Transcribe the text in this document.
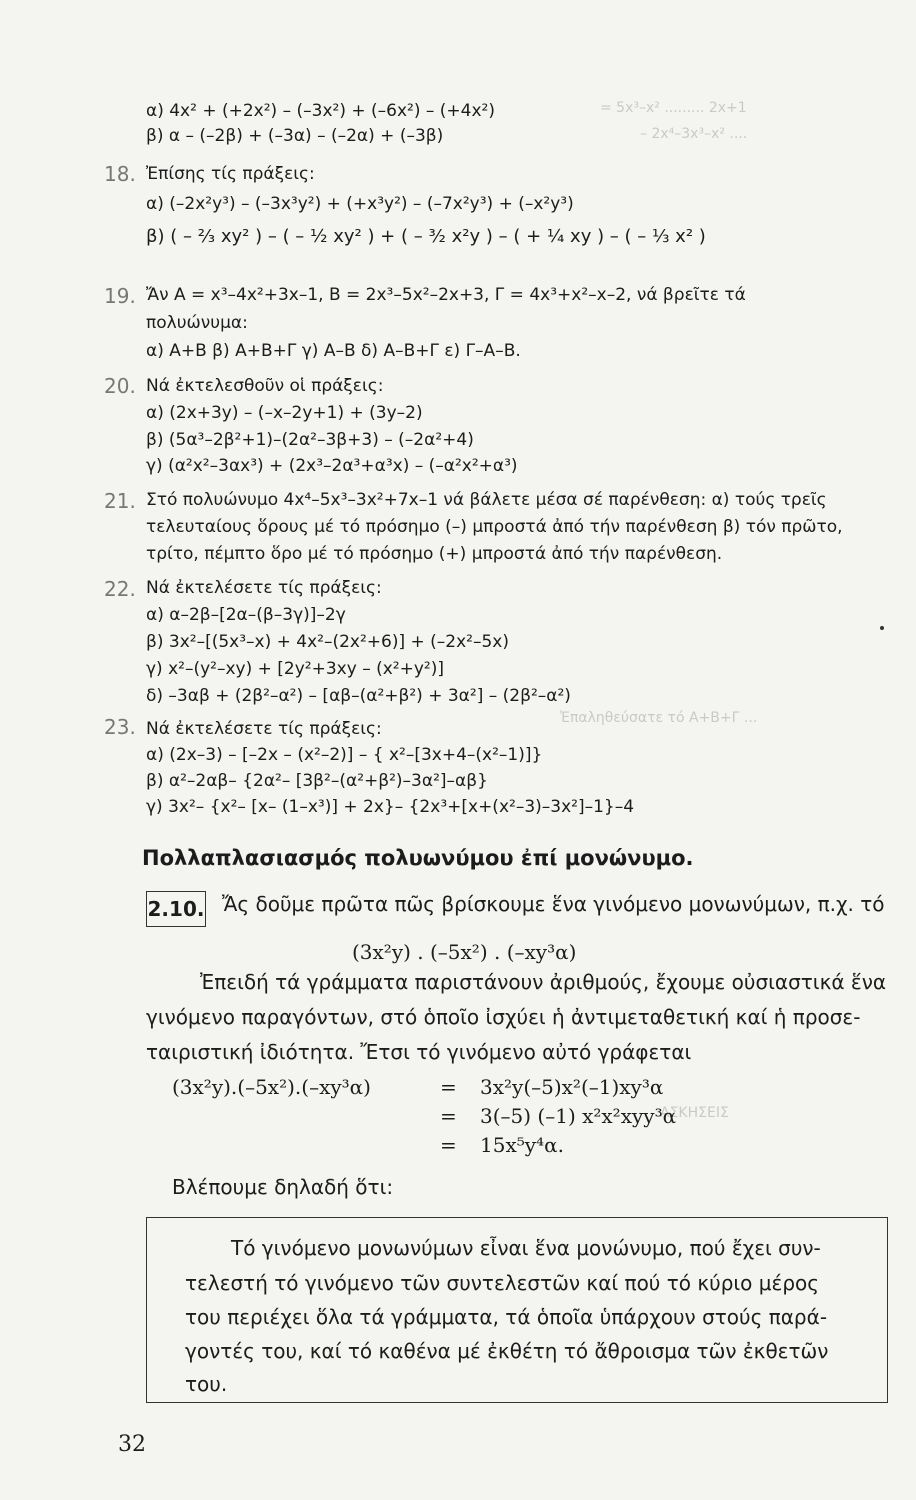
= 5x³–x² ......... 2x+1
– 2x⁴–3x³–x² ....
Ἐπαληθεύσατε τό A+B+Γ ...
ΑΣΚΗΣΕΙΣ
α) 4x² + (+2x²) – (–3x²) + (–6x²) – (+4x²)
β) α – (–2β) + (–3α) – (–2α) + (–3β)
18. Ἐπίσης τίς πράξεις:
α) (–2x²y³) – (–3x³y²) + (+x³y²) – (–7x²y³) + (–x²y³)
β) ( – ²⁄₃ xy² ) – ( – ½ xy² ) + ( – ³⁄₂ x²y ) – ( + ¼ xy ) – ( – ⅓ x² )
19. Ἄν A = x³–4x²+3x–1, B = 2x³–5x²–2x+3, Γ = 4x³+x²–x–2, νά βρεῖτε τά
πολυώνυμα:
α) A+B β) A+B+Γ γ) A–B δ) A–B+Γ ε) Γ–A–B.
20. Νά ἐκτελεσθοῦν οἱ πράξεις:
α) (2x+3y) – (–x–2y+1) + (3y–2)
β) (5α³–2β²+1)–(2α²–3β+3) – (–2α²+4)
γ) (α²x²–3αx³) + (2x³–2α³+α³x) – (–α²x²+α³)
21. Στό πολυώνυμο 4x⁴–5x³–3x²+7x–1 νά βάλετε μέσα σέ παρένθεση: α) τούς τρεῖς
τελευταίους ὅρους μέ τό πρόσημο (–) μπροστά ἀπό τήν παρένθεση β) τόν πρῶτο,
τρίτο, πέμπτο ὅρο μέ τό πρόσημο (+) μπροστά ἀπό τήν παρένθεση.
22. Νά ἐκτελέσετε τίς πράξεις:
α) α–2β–[2α–(β–3γ)]–2γ
β) 3x²–[(5x³–x) + 4x²–(2x²+6)] + (–2x²–5x)
γ) x²–(y²–xy) + [2y²+3xy – (x²+y²)]
δ) –3αβ + (2β²–α²) – [αβ–(α²+β²) + 3α²] – (2β²–α²)
23. Νά ἐκτελέσετε τίς πράξεις:
α) (2x–3) – [–2x – (x²–2)] – { x²–[3x+4–(x²–1)]}
β) α²–2αβ– {2α²– [3β²–(α²+β²)–3α²]–αβ}
γ) 3x²– {x²– [x– (1–x³)] + 2x}– {2x³+[x+(x²–3)–3x²]–1}–4
Πολλαπλασιασμός πολυωνύμου ἐπί μονώνυμο.
2.10. Ἄς δοῦμε πρῶτα πῶς βρίσκουμε ἕνα γινόμενο μονωνύμων, π.χ. τό
(3x²y) . (–5x²) . (–xy³α)
Ἐπειδή τά γράμματα παριστάνουν ἀριθμούς, ἔχουμε οὐσιαστικά ἕνα
γινόμενο παραγόντων, στό ὁποῖο ἰσχύει ἡ ἀντιμεταθετική καί ἡ προσε-
ταιριστική ἰδιότητα. Ἔτσι τό γινόμενο αὐτό γράφεται
(3x²y).(–5x²).(–xy³α)	= 3x²y(–5)x²(–1)xy³α
= 3(–5) (–1) x²x²xyy³α
= 15x⁵y⁴α.
Βλέπουμε δηλαδή ὅτι:
Τό γινόμενο μονωνύμων εἶναι ἕνα μονώνυμο, πού ἔχει συν-
τελεστή τό γινόμενο τῶν συντελεστῶν καί πού τό κύριο μέρος
του περιέχει ὅλα τά γράμματα, τά ὁποῖα ὑπάρχουν στούς παρά-
γοντές του, καί τό καθένα μέ ἐκθέτη τό ἄθροισμα τῶν ἐκθετῶν
του.
32
